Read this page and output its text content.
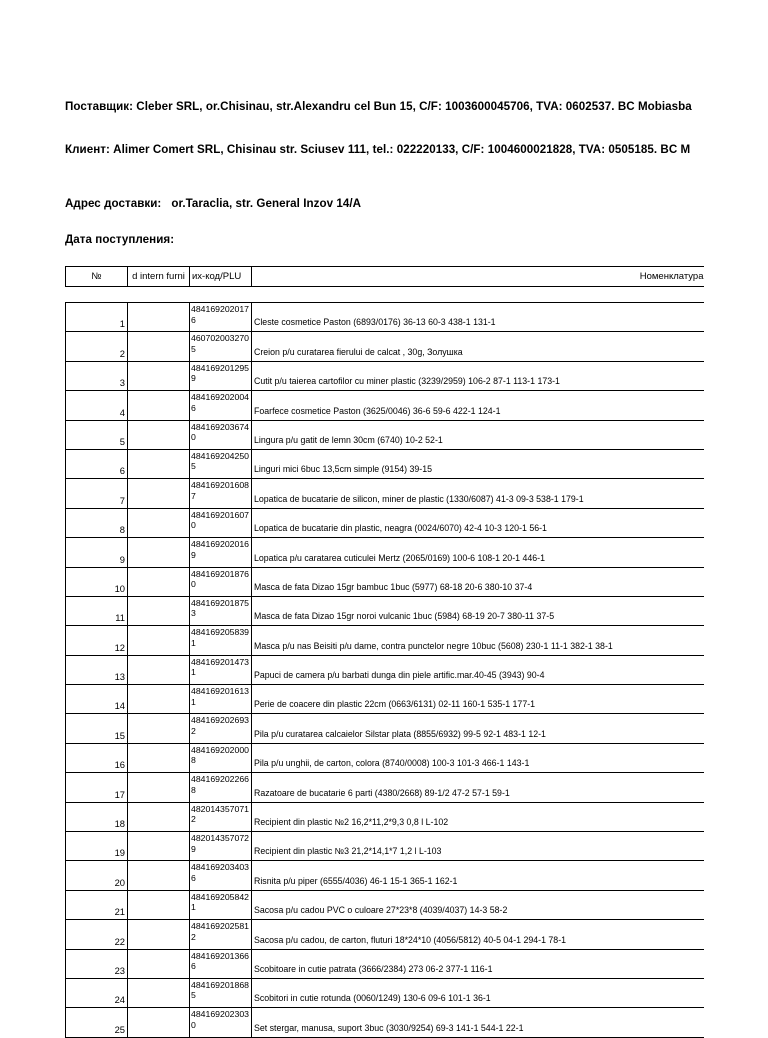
Поставщик: Cleber SRL, or.Chisinau, str.Alexandru cel Bun 15, C/F: 1003600045706, TVA: 0602537. BC Mobiasba
Клиент: Alimer Comert SRL, Chisinau str. Sciusev 111, tel.: 022220133, C/F: 1004600021828, TVA: 0505185. BC M
Адрес доставки: or.Taraclia, str. General Inzov 14/A
Дата поступления:
№	d intern furni	их-код/PLU	Номенклатура
1		4841692020176	Cleste cosmetice Paston (6893/0176) 36-13 60-3 438-1 131-1
2		4607020032705	Creion p/u curatarea fierului de calcat , 30g, Золушка
3		4841692012959	Cutit p/u taierea cartofilor cu miner plastic (3239/2959) 106-2 87-1 113-1 173-1
4		4841692020046	Foarfece cosmetice Paston (3625/0046) 36-6 59-6 422-1 124-1
5		4841692036740	Lingura p/u gatit de lemn 30cm (6740) 10-2 52-1
6		4841692042505	Linguri mici 6buc 13,5cm simple (9154) 39-15
7		4841692016087	Lopatica de bucatarie de silicon, miner de plastic (1330/6087) 41-3 09-3 538-1 179-1
8		4841692016070	Lopatica de bucatarie din plastic, neagra (0024/6070) 42-4 10-3 120-1 56-1
9		4841692020169	Lopatica p/u caratarea cuticulei Mertz (2065/0169) 100-6 108-1 20-1 446-1
10		4841692018760	Masca de fata Dizao 15gr bambuc 1buc (5977) 68-18 20-6 380-10 37-4
11		4841692018753	Masca de fata Dizao 15gr noroi vulcanic 1buc (5984) 68-19 20-7 380-11 37-5
12		4841692058391	Masca p/u nas Beisiti p/u dame, contra punctelor negre 10buc (5608) 230-1 11-1 382-1 38-1
13		4841692014731	Papuci de camera p/u barbati dunga din piele artific.mar.40-45 (3943) 90-4
14		4841692016131	Perie de coacere din plastic 22cm (0663/6131) 02-11 160-1 535-1 177-1
15		4841692026932	Pila p/u curatarea calcaielor Silstar plata (8855/6932) 99-5 92-1 483-1 12-1
16		4841692020008	Pila p/u unghii, de carton, colora (8740/0008) 100-3 101-3 466-1 143-1
17		4841692022668	Razatoare de bucatarie 6 parti (4380/2668) 89-1/2 47-2 57-1 59-1
18		4820143570712	Recipient din plastic №2 16,2*11,2*9,3 0,8 l L-102
19		4820143570729	Recipient din plastic №3 21,2*14,1*7 1,2 l L-103
20		4841692034036	Risnita p/u piper (6555/4036) 46-1 15-1 365-1 162-1
21		4841692058421	Sacosa p/u cadou PVC o culoare 27*23*8 (4039/4037) 14-3 58-2
22		4841692025812	Sacosa p/u cadou, de carton, fluturi 18*24*10 (4056/5812) 40-5 04-1 294-1 78-1
23		4841692013666	Scobitoare in cutie patrata (3666/2384) 273 06-2 377-1 116-1
24		4841692018685	Scobitori in cutie rotunda (0060/1249) 130-6 09-6 101-1 36-1
25		4841692023030	Set stergar, manusa, suport 3buc (3030/9254) 69-3 141-1 544-1 22-1
